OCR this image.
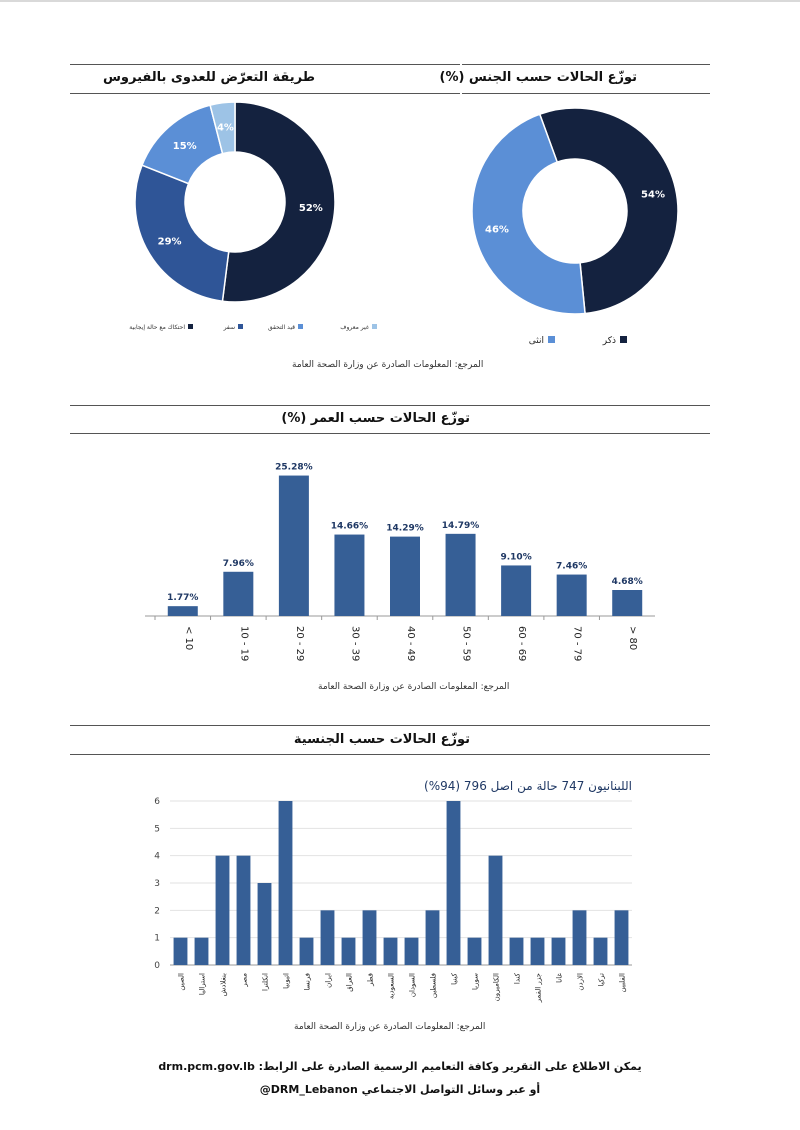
توزّع الحالات حسب الجنس (%)
54%
46%
ذكر
انثى
طريقة التعرّض للعدوى بالفيروس
52%
29%
15%
4%
احتكاك مع حالة إيجابية	سفر	قيد التحقق	غير معروف
المرجع: المعلومات الصادرة عن وزارة الصحة العامة
توزّع الحالات حسب العمر (%)
1.77%
< 10
7.96%
10 - 19
25.28%
20 - 29
14.66%
30 - 39
14.29%
40 - 49
14.79%
50 - 59
9.10%
60 - 69
7.46%
70 - 79
4.68%
> 80
المرجع: المعلومات الصادرة عن وزارة الصحة العامة
توزّع الحالات حسب الجنسية
اللبنانيون 747 حالة من اصل 796 (94%)
0
1
2
3
4
5
6
الصين استراليا بنغلادش مصر انكلترا اثيوبيا فرنسا ايران العراق قطر السعودية السودان فلسطين كينيا سوريا الكاميرون كندا جزر القمر غانا الاردن تركيا الفلبين
المرجع: المعلومات الصادرة عن وزارة الصحة العامة
يمكن الاطلاع على التقرير وكافة التعاميم الرسمية الصادرة على الرابط: drm.pcm.gov.lb
أو عبر وسائل التواصل الاجتماعي DRM_Lebanon@
